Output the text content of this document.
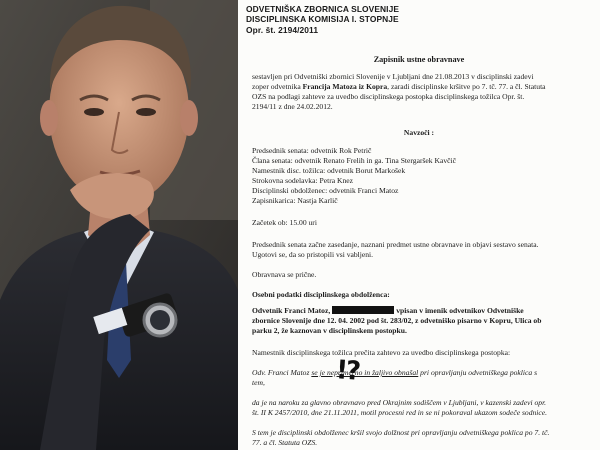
ODVETNIŠKA ZBORNICA SLOVENIJE
DISCIPLINSKA KOMISIJA I. STOPNJE
Opr. št. 2194/2011
Zapisnik ustne obravnave
sestavljen pri Odvetniški zbornici Slovenije v Ljubljani dne 21.08.2013 v disciplinski zadevi
zoper odvetnika Francija Matoza iz Kopra, zaradi disciplinske kršitve po 7. tč. 77. a čl. Statuta
OZS na podlagi zahteve za uvedbo disciplinskega postopka disciplinskega tožilca Opr. št.
2194/11 z dne 24.02.2012.
Navzoči :
Predsednik senata: odvetnik Rok Petrič
Člana senata: odvetnik Renato Frelih in ga. Tina Stergaršek Kavčič
Namestnik disc. tožilca: odvetnik Borut Markošek
Strokovna sodelavka: Petra Knez
Disciplinski obdolženec: odvetnik Franci Matoz
Zapisnikarica: Nastja Karlič
Začetek ob: 15.00 uri
Predsednik senata začne zasedanje, naznani predmet ustne obravnave in objavi sestavo senata.
Ugotovi se, da so pristopili vsi vabljeni.
Obravnava se prične.
Osebni podatki disciplinskega obdolženca:
Odvetnik Franci Matoz,	vpisan v imenik odvetnikov Odvetniške
zbornice Slovenije dne 12. 04. 2002 pod št. 283/02, z odvetniško pisarno v Kopru, Ulica ob
parku 2, že kaznovan v disciplinskem postopku.
Namestnik disciplinskega tožilca prečita zahtevo za uvedbo disciplinskega postopka:
Odv. Franci Matoz se je neprimerno in žaljivo obnašal pri opravljanju odvetniškega poklica s
tem,
da je na naroku za glavno obravnavo pred Okrajnim sodiščem v Ljubljani, v kazenski zadevi opr.
št. II K 2457/2010, dne 21.11.2011, motil procesni red in se ni pokoraval ukazom sodeče sodnice.
S tem je disciplinski obdolženec kršil svojo dolžnost pri opravljanju odvetniškega poklica po 7. tč.
77. a čl. Statuta OZS.
!?
